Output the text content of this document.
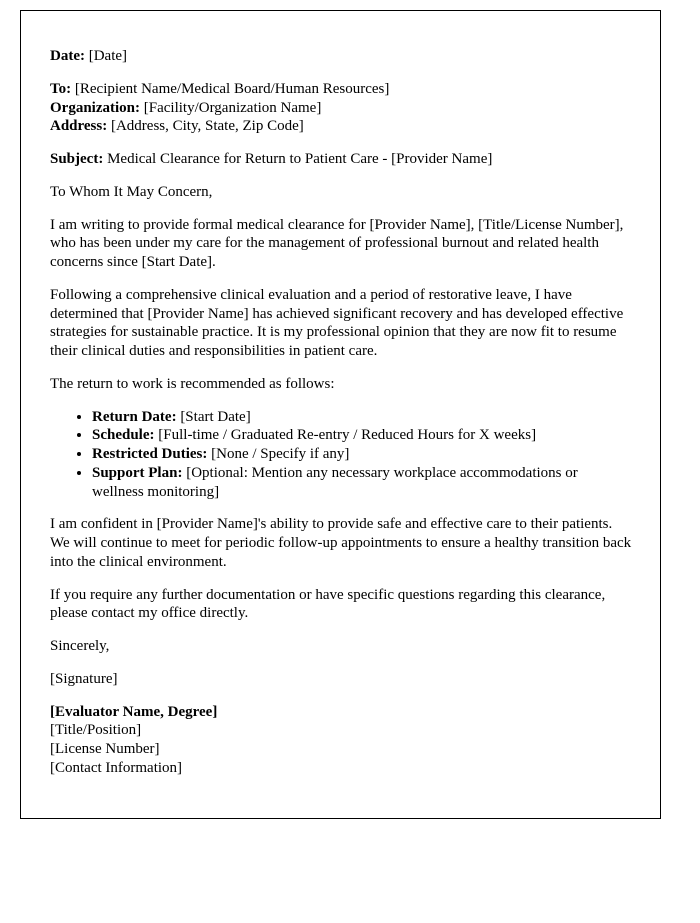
Date: [Date]

To: [Recipient Name/Medical Board/Human Resources]
Organization: [Facility/Organization Name]
Address: [Address, City, State, Zip Code]

Subject: Medical Clearance for Return to Patient Care - [Provider Name]

To Whom It May Concern,

I am writing to provide formal medical clearance for [Provider Name], [Title/License Number], who has been under my care for the management of professional burnout and related health concerns since [Start Date].

Following a comprehensive clinical evaluation and a period of restorative leave, I have determined that [Provider Name] has achieved significant recovery and has developed effective strategies for sustainable practice. It is my professional opinion that they are now fit to resume their clinical duties and responsibilities in patient care.

The return to work is recommended as follows:

• Return Date: [Start Date]
• Schedule: [Full-time / Graduated Re-entry / Reduced Hours for X weeks]
• Restricted Duties: [None / Specify if any]
• Support Plan: [Optional: Mention any necessary workplace accommodations or wellness monitoring]

I am confident in [Provider Name]'s ability to provide safe and effective care to their patients. We will continue to meet for periodic follow-up appointments to ensure a healthy transition back into the clinical environment.

If you require any further documentation or have specific questions regarding this clearance, please contact my office directly.

Sincerely,

[Signature]

[Evaluator Name, Degree]
[Title/Position]
[License Number]
[Contact Information]
